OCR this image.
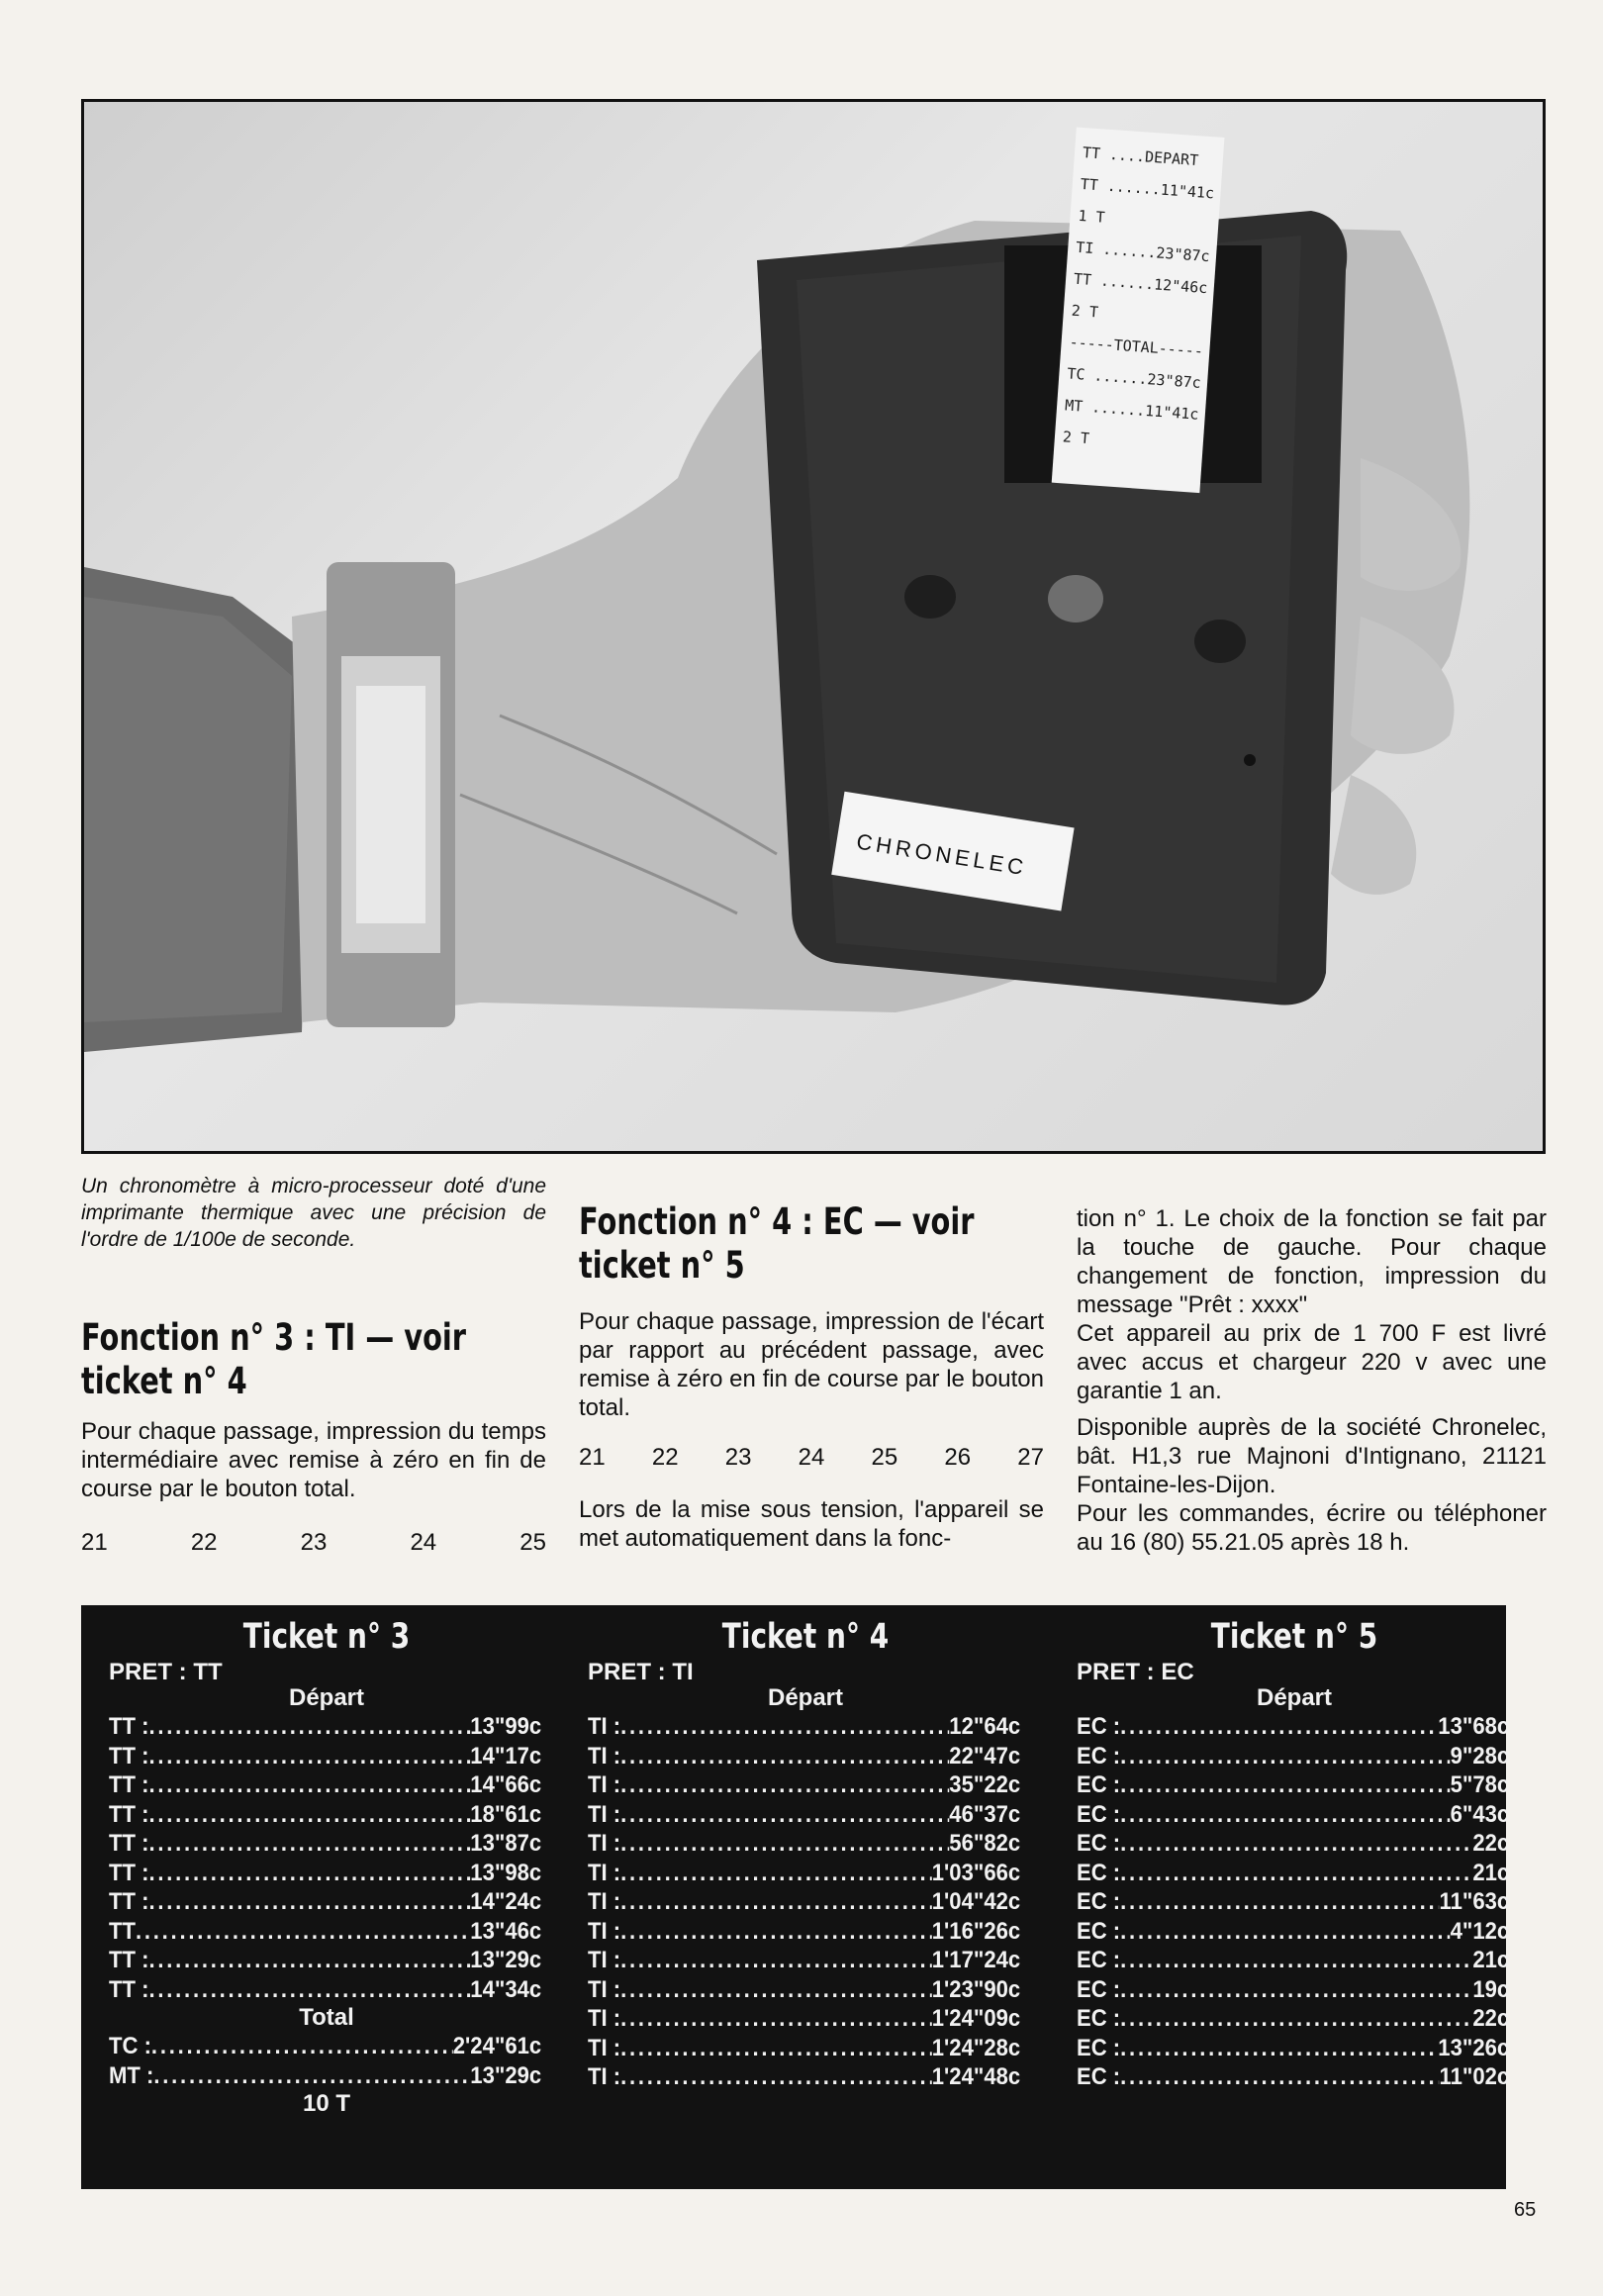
TT ....DEPART
TT ......11"41c
1 T
TI ......23"87c
TT ......12"46c
2 T
-----TOTAL-----
TC ......23"87c
MT ......11"41c
2 T
CHRONELEC

Un chronomètre à micro-processeur doté d'une imprimante thermique avec une précision de l'ordre de 1/100e de seconde.

Fonction n° 3 : TI — voir ticket n° 4

Pour chaque passage, impression du temps intermédiaire avec remise à zéro en fin de course par le bouton total.

21	22	23	24	25
Fonction n° 4 : EC — voir ticket n° 5

Pour chaque passage, impression de l'écart par rapport au précédent passage, avec remise à zéro en fin de course par le bouton total.

21 22 23 24 25 26 27

Lors de la mise sous tension, l'appareil se met automatiquement dans la fonc-

tion n° 1. Le choix de la fonction se fait par la touche de gauche. Pour chaque changement de fonction, impression du message "Prêt : xxxx"

Cet appareil au prix de 1 700 F est livré avec accus et chargeur 220 v avec une garantie 1 an.

Disponible auprès de la société Chronelec, bât. H1,3 rue Majnoni d'Intignano, 21121 Fontaine-les-Dijon.

Pour les commandes, écrire ou téléphoner au 16 (80) 55.21.05 après 18 h.

Ticket n° 3
PRET : TT
Départ
TT : .....	13"99c
TT : .....	14"17c
TT : .....	14"66c
TT : .....	18"61c
TT : .....	13"87c
TT : .....	13"98c
TT : .....	14"24c
TT .....	13"46c
TT : .....	13"29c
TT : .....	14"34c
Total
TC : .....	2'24"61c
MT : .....	13"29c
10 T
Ticket n° 4
PRET : TI
Départ
TI : .....	12"64c
TI : .....	22"47c
TI : .....	35"22c
TI : .....	46"37c
TI : .....	56"82c
TI : .....	1'03"66c
TI : .....	1'04"42c
TI : .....	1'16"26c
TI : .....	1'17"24c
TI : .....	1'23"90c
TI : .....	1'24"09c
TI : .....	1'24"28c
TI : .....	1'24"48c
Ticket n° 5
PRET : EC
Départ
EC : .....	13"68c
EC : .....	9"28c
EC : .....	5"78c
EC : .....	6"43c
EC : .....	22c
EC : .....	21c
EC : .....	11"63c
EC : .....	4"12c
EC : .....	21c
EC : .....	19c
EC : .....	22c
EC : .....	13"26c
EC : .....	11"02c
65
